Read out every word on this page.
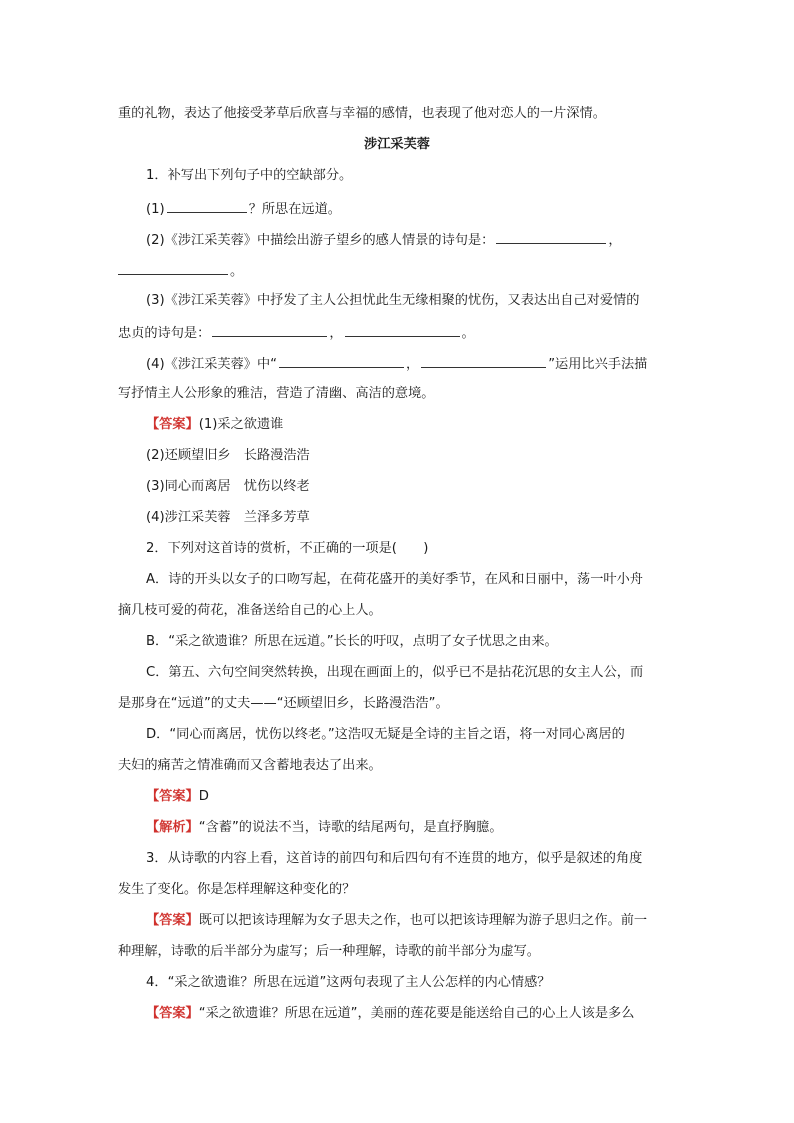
重的礼物，表达了他接受茅草后欣喜与幸福的感情，也表现了他对恋人的一片深情。
涉江采芙蓉
1．补写出下列句子中的空缺部分。
(1)	？所思在远道。
(2)《涉江采芙蓉》中描绘出游子望乡的感人情景的诗句是：	，
。
(3)《涉江采芙蓉》中抒发了主人公担忧此生无缘相聚的忧伤，又表达出自己对爱情的
忠贞的诗句是：	，	。
(4)《涉江采芙蓉》中“	，	”运用比兴手法描
写抒情主人公形象的雅洁，营造了清幽、高洁的意境。
【答案】(1)采之欲遗谁
(2)还顾望旧乡　长路漫浩浩
(3)同心而离居　忧伤以终老
(4)涉江采芙蓉　兰泽多芳草
2．下列对这首诗的赏析，不正确的一项是(　　)
A．诗的开头以女子的口吻写起，在荷花盛开的美好季节，在风和日丽中，荡一叶小舟
摘几枝可爱的荷花，准备送给自己的心上人。
B．“采之欲遗谁？所思在远道。”长长的吁叹，点明了女子忧思之由来。
C．第五、六句空间突然转换，出现在画面上的，似乎已不是拈花沉思的女主人公，而
是那身在“远道”的丈夫——“还顾望旧乡，长路漫浩浩”。
D．“同心而离居，忧伤以终老。”这浩叹无疑是全诗的主旨之语，将一对同心离居的
夫妇的痛苦之情准确而又含蓄地表达了出来。
【答案】D
【解析】“含蓄”的说法不当，诗歌的结尾两句，是直抒胸臆。
3．从诗歌的内容上看，这首诗的前四句和后四句有不连贯的地方，似乎是叙述的角度
发生了变化。你是怎样理解这种变化的？
【答案】既可以把该诗理解为女子思夫之作，也可以把该诗理解为游子思归之作。前一
种理解，诗歌的后半部分为虚写；后一种理解，诗歌的前半部分为虚写。
4．“采之欲遗谁？所思在远道”这两句表现了主人公怎样的内心情感？
【答案】“采之欲遗谁？所思在远道”，美丽的莲花要是能送给自己的心上人该是多么
